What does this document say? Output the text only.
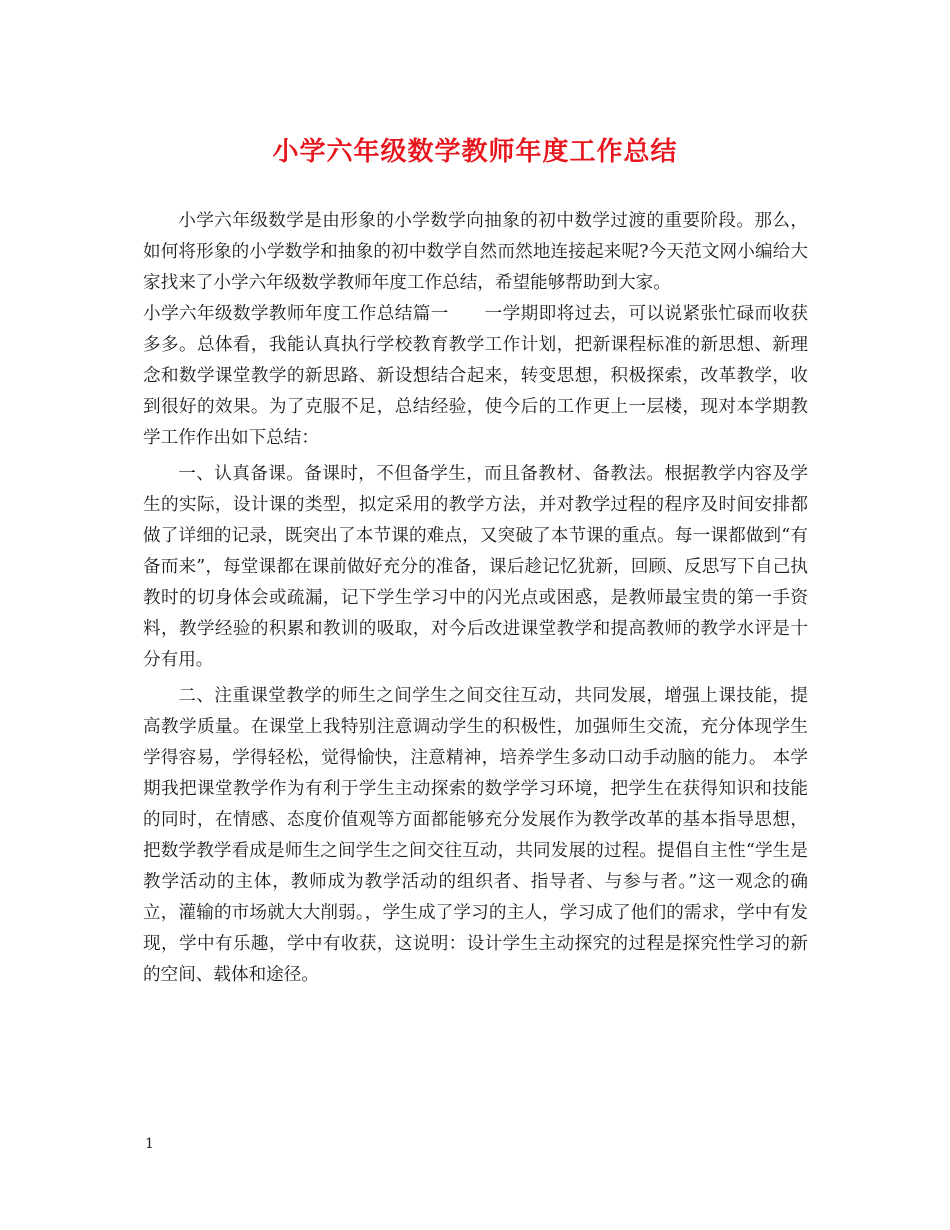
小学六年级数学教师年度工作总结

小学六年级数学是由形象的小学数学向抽象的初中数学过渡的重要阶段。那么，如何将形象的小学数学和抽象的初中数学自然而然地连接起来呢?今天范文网小编给大家找来了小学六年级数学教师年度工作总结，希望能够帮助到大家。

小学六年级数学教师年度工作总结篇一　　一学期即将过去，可以说紧张忙碌而收获多多。总体看，我能认真执行学校教育教学工作计划，把新课程标准的新思想、新理念和数学课堂教学的新思路、新设想结合起来，转变思想，积极探索，改革教学，收到很好的效果。为了克服不足，总结经验，使今后的工作更上一层楼，现对本学期教学工作作出如下总结：

一、认真备课。备课时，不但备学生，而且备教材、备教法。根据教学内容及学生的实际，设计课的类型，拟定采用的教学方法，并对教学过程的程序及时间安排都做了详细的记录，既突出了本节课的难点，又突破了本节课的重点。每一课都做到“有备而来”，每堂课都在课前做好充分的准备，课后趁记忆犹新，回顾、反思写下自己执教时的切身体会或疏漏，记下学生学习中的闪光点或困惑，是教师最宝贵的第一手资料，教学经验的积累和教训的吸取，对今后改进课堂教学和提高教师的教学水评是十分有用。

二、注重课堂教学的师生之间学生之间交往互动，共同发展，增强上课技能，提高教学质量。在课堂上我特别注意调动学生的积极性，加强师生交流，充分体现学生学得容易，学得轻松，觉得愉快，注意精神，培养学生多动口动手动脑的能力。 本学期我把课堂教学作为有利于学生主动探索的数学学习环境，把学生在获得知识和技能的同时，在情感、态度价值观等方面都能够充分发展作为教学改革的基本指导思想，把数学教学看成是师生之间学生之间交往互动，共同发展的过程。提倡自主性“学生是教学活动的主体，教师成为教学活动的组织者、指导者、与参与者。”这一观念的确立，灌输的市场就大大削弱。，学生成了学习的主人，学习成了他们的需求，学中有发现，学中有乐趣，学中有收获，这说明：设计学生主动探究的过程是探究性学习的新的空间、载体和途径。

1
